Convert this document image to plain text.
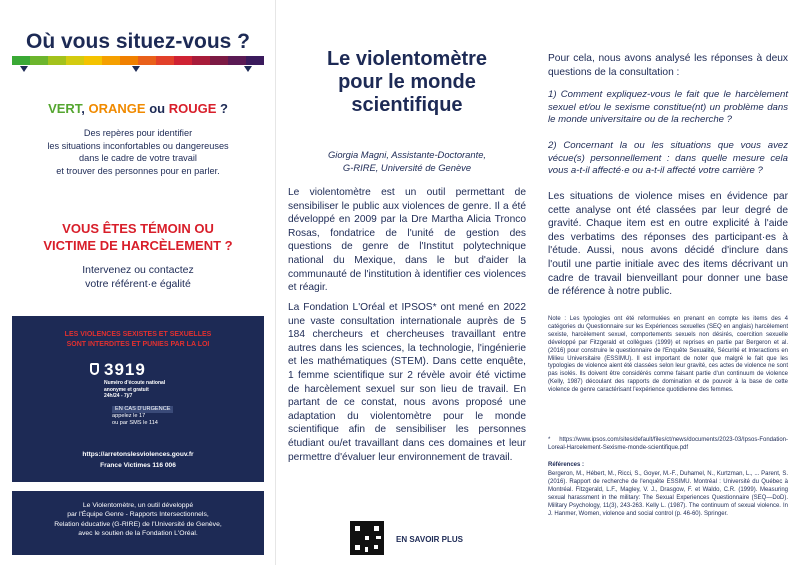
Où vous situez-vous ?
VERT, ORANGE ou ROUGE ?
Des repères pour identifier
les situations inconfortables ou dangereuses
dans le cadre de votre travail
et trouver des personnes pour en parler.
VOUS ÊTES TÉMOIN OU
VICTIME DE HARCÈLEMENT ?
Intervenez ou contactez
votre référent·e égalité
LES VIOLENCES SEXISTES ET SEXUELLES
SONT INTERDITES ET PUNIES PAR LA LOI
3919
Numéro d'écoute national
anonyme et gratuit
24h/24 - 7j/7
EN CAS D'URGENCE
appelez le 17
ou par SMS le 114
https://arretonslesviolences.gouv.fr
France Victimes 116 006
Le Violentomètre, un outil développé
par l'Équipe Genre - Rapports Intersectionnels,
Relation éducative (G-RIRE) de l'Université de Genève,
avec le soutien de la Fondation L'Oréal.
Le violentomètre
pour le monde
scientifique
Giorgia Magni, Assistante-Doctorante,
G-RIRE, Université de Genève
Le violentomètre est un outil permettant de sensibiliser le public aux violences de genre. Il a été développé en 2009 par la Dre Martha Alicia Tronco Rosas, fondatrice de l'unité de gestion des questions de genre de l'Institut polytechnique national du Mexique, dans le but d'aider la communauté de l'institution à identifier ces violences et réagir.
La Fondation L'Oréal et IPSOS* ont mené en 2022 une vaste consultation internationale auprès de 5 184 chercheurs et chercheuses travaillant entre autres dans les sciences, la technologie, l'ingénierie et les mathématiques (STEM). Dans cette enquête, 1 femme scientifique sur 2 révèle avoir été victime de harcèlement sexuel sur son lieu de travail. En partant de ce constat, nous avons proposé une adaptation du violentomètre pour le monde scientifique afin de sensibiliser les personnes étudiant ou/et travaillant dans ces domaines et leur permettre d'évaluer leur environnement de travail.
EN SAVOIR PLUS
Pour cela, nous avons analysé les réponses à deux questions de la consultation :
1) Comment expliquez-vous le fait que le harcèlement sexuel et/ou le sexisme constitue(nt) un problème dans le monde universitaire ou de la recherche ?
2) Concernant la ou les situations que vous avez vécue(s) personnellement : dans quelle mesure cela vous a-t-il affecté·e ou a-t-il affecté votre carrière ?
Les situations de violence mises en évidence par cette analyse ont été classées par leur degré de gravité. Chaque item est en outre explicité à l'aide des verbatims des réponses des participant·es à l'étude. Aussi, nous avons décidé d'inclure dans l'outil une partie initiale avec des items décrivant un cadre de travail bienveillant pour donner une base de référence à notre public.
Note : Les typologies ont été reformulées en prenant en compte les items des 4 catégories du Questionnaire sur les Expériences sexuelles (SEQ en anglais) harcèlement sexiste, harcèlement sexuel, comportements sexuels non désirés, coercition sexuelle développé par Fitzgerald et collègues (1999) et reprises en partie par Bergeron et al. (2016) pour construire le questionnaire de l'Enquête Sexualité, Sécurité et Interactions en Milieu Universitaire (ESSIMU). Il est important de noter que malgré le fait que les typologies de violence aient été classées selon leur gravité, ces actes de violence ne sont pas isolés. Ils doivent être considérés comme faisant partie d'un continuum de violence (Kelly, 1987) découlant des rapports de domination et de pouvoir à la base de cette violence de genre caractérisant l'expérience quotidienne des femmes.
* https://www.ipsos.com/sites/default/files/ct/news/documents/2023-03/Ipsos-Fondation-Loreal-Harcelement-Sexisme-monde-scientifique.pdf
Références :
Bergeron, M., Hébert, M., Ricci, S., Goyer, M.-F., Duhamel, N., Kurtzman, L., ... Parent, S. (2016). Rapport de recherche de l'enquête ESSIMU. Montréal : Université du Québec à Montréal. Fitzgerald, L.F., Magley, V. J., Drasgow, F. et Waldo, C.R. (1999). Measuring sexual harassment in the military: The Sexual Experiences Questionnaire (SEQ—DoD). Military Psychology, 11(3), 243-263. Kelly L. (1987). The continuum of sexual violence. In J. Hanmer, Women, violence and social control (p. 46-60). Springer.
